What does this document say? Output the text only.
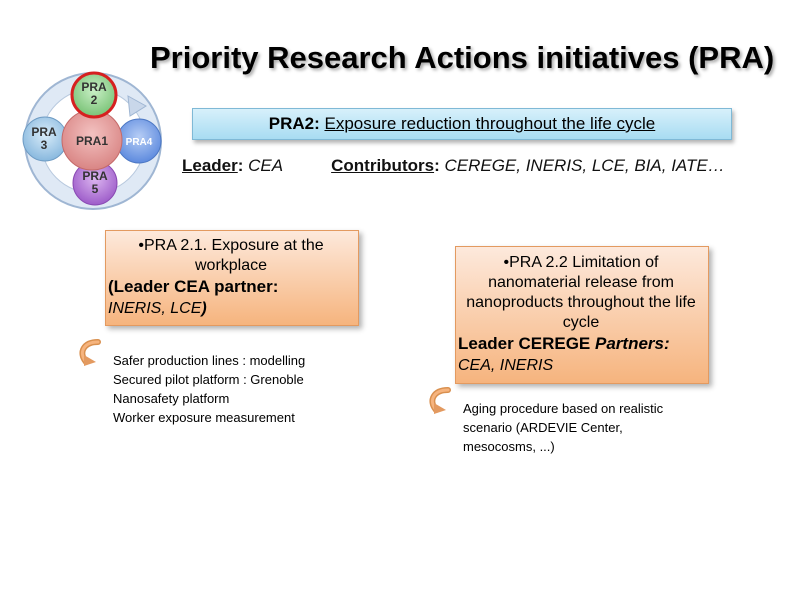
Priority Research Actions initiatives (PRA)
PRA 2
PRA1
PRA 3	PRA4
PRA 5
PRA2:
Exposure reduction throughout the life cycle
Leader: CEA	Contributors: CEREGE, INERIS, LCE, BIA, IATE…
•PRA 2.1. Exposure at the workplace
(Leader CEA partner:
INERIS, LCE)
Safer production lines : modelling
Secured pilot platform : Grenoble
Nanosafety platform
Worker exposure measurement
•PRA 2.2 Limitation of nanomaterial release from nanoproducts throughout the life cycle
Leader CEREGE Partners:
CEA, INERIS
Aging procedure based on realistic scenario (ARDEVIE Center, mesocosms, ...)
